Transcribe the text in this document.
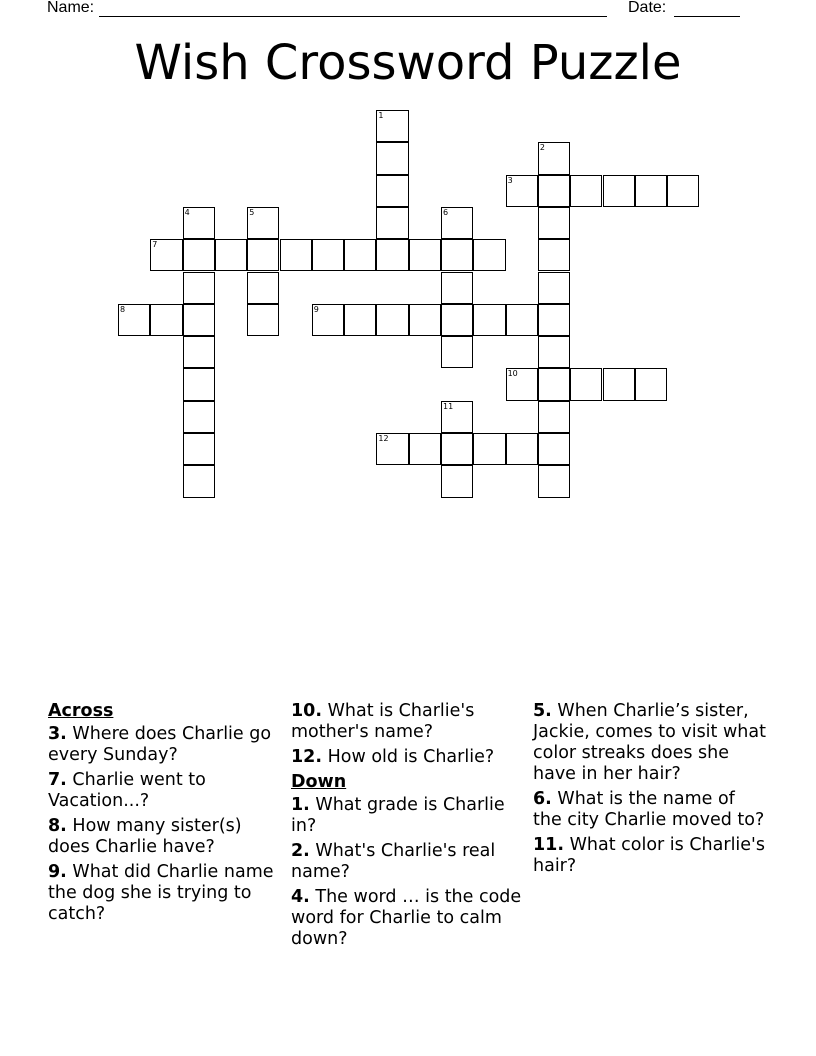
Name:	Date:
Wish Crossword Puzzle
1
2
3
4	5	6
7
8	9
10
11
12
Across
3. Where does Charlie go every Sunday?
7. Charlie went to Vacation...?
8. How many sister(s) does Charlie have?
9. What did Charlie name the dog she is trying to catch?
10. What is Charlie's mother's name?
12. How old is Charlie?
Down
1. What grade is Charlie in?
2. What's Charlie's real name?
4. The word … is the code word for Charlie to calm down?
5. When Charlie’s sister, Jackie, comes to visit what color streaks does she have in her hair?
6. What is the name of the city Charlie moved to?
11. What color is Charlie's hair?
